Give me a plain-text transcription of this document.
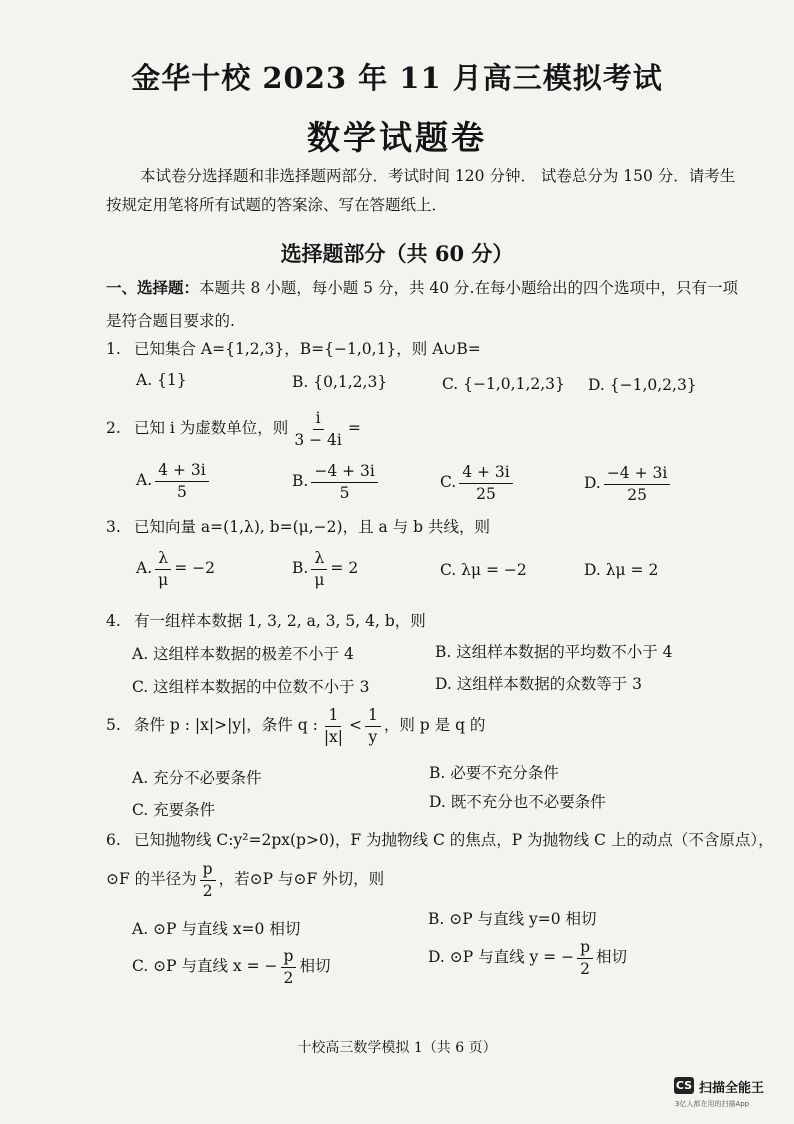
金华十校 2023 年 11 月高三模拟考试
数学试题卷
本试卷分选择题和非选择题两部分．考试时间 120 分钟． 试卷总分为 150 分．请考生按规定用笔将所有试题的答案涂、写在答题纸上．
选择题部分（共 60 分）
一、选择题：本题共 8 小题，每小题 5 分，共 40 分.在每小题给出的四个选项中，只有一项是符合题目要求的.
1. 已知集合 A={1,2,3}，B={−1,0,1}，则 A∪B=
A. {1}	B. {0,1,2,3}	C. {−1,0,1,2,3} D. {−1,0,2,3}
2. 已知 i 为虚数单位，则 $\frac{i}{3 - 4i}$ =
A. $\frac{4 + 3i}{5}$	B. $\frac{-4 + 3i}{5}$	C. $\frac{4 + 3i}{25}$	D. $\frac{-4 + 3i}{25}$
3. 已知向量 a=(1,λ), b=(μ,−2)，且 a 与 b 共线，则
A. $\frac{\lambda}{\mu} = -2$	B. $\frac{\lambda}{\mu} = 2$	C. λμ = −2	D. λμ = 2
4. 有一组样本数据 1, 3, 2, a, 3, 5, 4, b，则
A. 这组样本数据的极差不小于 4	B. 这组样本数据的平均数不小于 4
C. 这组样本数据的中位数不小于 3	D. 这组样本数据的众数等于 3
5. 条件 p : |x|>|y|，条件 q : $\frac{1}{|x|} < \frac{1}{y}$ ，则 p 是 q 的
A. 充分不必要条件	B. 必要不充分条件
C. 充要条件	D. 既不充分也不必要条件
6. 已知抛物线 C:y²=2px(p>0)，F 为抛物线 C 的焦点，P 为抛物线 C 上的动点（不含原点），
⊙F 的半径为 $\frac{p}{2}$ ，若⊙P 与⊙F 外切，则
A. ⊙P 与直线 x=0 相切
B. ⊙P 与直线 y=0 相切
C. ⊙P 与直线 x = − $\frac{p}{2}$ 相切	D. ⊙P 与直线 y = − $\frac{p}{2}$ 相切
十校高三数学模拟 1（共 6 页）
CS 扫描全能王
3亿人都在用的扫描App
